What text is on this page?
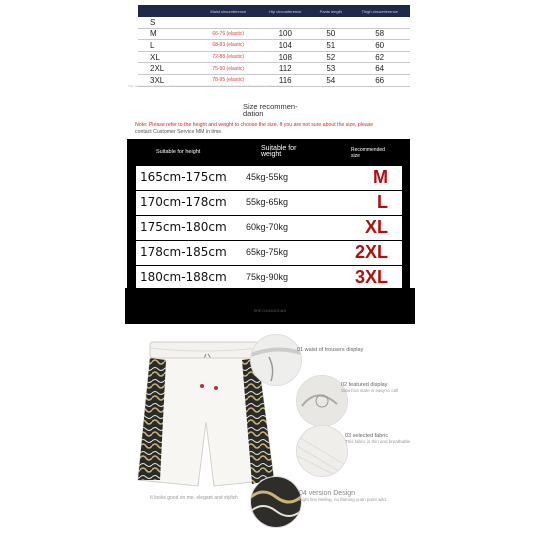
	Waist circumference	Hip circumference	Pants length	Thigh circumference
S				
M	66-76 (elastic)	100	50	58
L	68-83 (elastic)	104	51	60
XL	72-88 (elastic)	108	52	62
2XL	75-90 (elastic)	112	53	64
3XL	78-95 (elastic)	116	54	66
The measurement of the above dimensions is manual measurement, there is an error of 1-3 cm, please refer to the actual
Size recommen-
dation
Note: Please refer to the height and weight to choose the size. If you are not sure about the size, please
contact Customer Service MM in time.
Suitable for height	Suitable for weight
Recommended size
165cm-175cm 45kg-55kg	M
170cm-178cm 55kg-65kg	L
175cm-180cm 60kg-70kg	XL
178cm-185cm 65kg-75kg	2XL
180cm-188cm 75kg-90kg	3XL
SHEJIJIANGDIAN
01 waist of trousers display
02 featured display
Side foot state is easy to call
03 selected fabric
This fabric is thin and breathable
04 version Design
Light line feeling, no flaming yuan point wild.
It looks good on me, elegant and stylish
